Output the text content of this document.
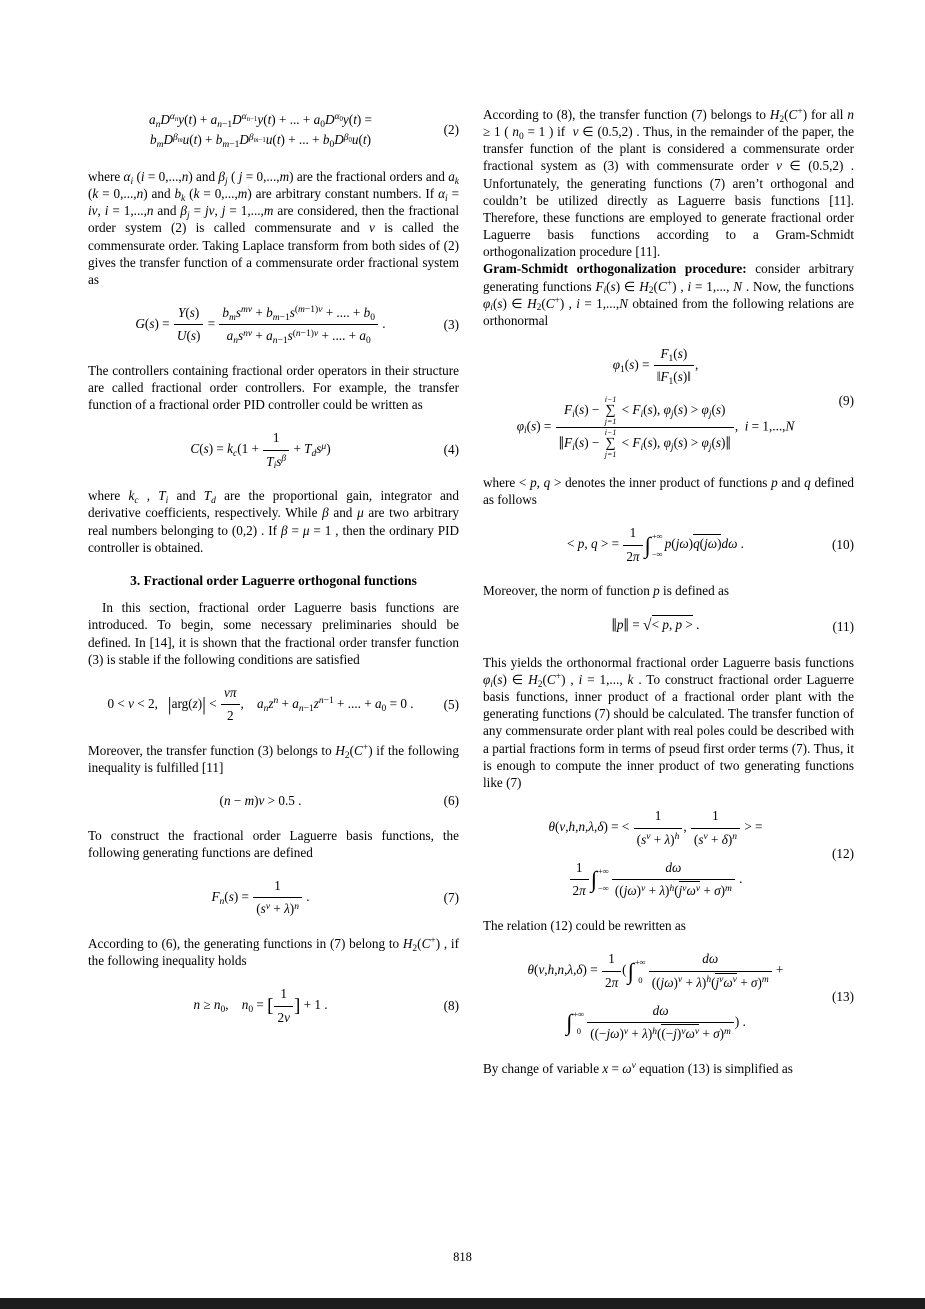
$a_nD^{\alpha_n}y(t) + a_{n-1}D^{\alpha_{n-1}}y(t)$ + ... + $a_0D^{\alpha_0}y(t)$ =
$b_mD^{\beta_m}u(t) + b_{m-1}D^{\beta_{m-1}}u(t)$ + ... + $b_0D^{\beta_0}u(t)$
(2)

where $\alpha_i$ (i = 0,...,n) and $\beta_j$ ( j = 0,...,m) are the fractional orders and $a_k$ (k = 0,...,n) and $b_k$ (k = 0,...,m) are arbitrary constant numbers. If $\alpha_i$ = iv, i = 1,...,n and $\beta_j$ = jv, j = 1,...,m are considered, then the fractional order system (2) is called commensurate and v is called the commensurate order. Taking Laplace transform from both sides of (2) gives the transfer function of a commensurate order fractional system as

$G(s) = \frac{Y(s)}{U(s)} = \frac{b_ms^{mv} + b_{m-1}s^{(m-1)v} + .... + b_0}{a_ns^{nv} + a_{n-1}s^{(n-1)v} + .... + a_0}$ .	(3)

The controllers containing fractional order operators in their structure are called fractional order controllers. For example, the transfer function of a fractional order PID controller could be written as

$C(s) = k_c(1 + \frac{1}{T_is^\beta} + T_ds^\mu)$	(4)

where $k_c$ , $T_i$ and $T_d$ are the proportional gain, integrator and derivative coefficients, respectively. While β and μ are two arbitrary real numbers belonging to (0,2) . If β = μ = 1 , then the ordinary PID controller is obtained.

3. Fractional order Laguerre orthogonal functions

In this section, fractional order Laguerre basis functions are introduced. To begin, some necessary preliminaries should be defined. In [14], it is shown that the fractional order transfer function (3) is stable if the following conditions are satisfied

0 < v < 2,   $|arg(z)| < \frac{v\pi}{2}$ ,    $a_nz^n + a_{n-1}z^{n-1}$ + .... + $a_0 = 0$ . (5)

Moreover, the transfer function (3) belongs to $H_2(C^+)$ if the following inequality is fulfilled [11]

(n − m)v > 0.5 .	(6)

To construct the fractional order Laguerre basis functions, the following generating functions are defined

$F_n(s) = \frac{1}{(s^v + \lambda)^n}$ .	(7)

According to (6), the generating functions in (7) belong to $H_2(C^+)$ , if the following inequality holds

$n \ge n_0$,    $n_0$ = [ $\frac{1}{2v}$ ] + 1 .	(8)

According to (8), the transfer function (7) belongs to $H_2(C^+)$ for all n ≥ 1 ( $n_0 = 1$ ) if  v ∈ (0.5,2) . Thus, in the remainder of the paper, the transfer function of the plant is considered a commensurate order fractional system as (3) with commensurate order v ∈ (0.5,2) . Unfortunately, the generating functions (7) aren’t orthogonal and couldn’t be utilized directly as Laguerre basis functions [11]. Therefore, these functions are employed to generate fractional order Laguerre basis functions according to a Gram-Schmidt orthogonalization procedure [11].

Gram-Schmidt orthogonalization procedure: consider arbitrary generating functions $F_i(s)$ ∈ $H_2(C^+)$ , i = 1,..., N . Now, the functions $\varphi_i(s)$ ∈ $H_2(C^+)$ , i = 1,...,N obtained from the following relations are orthonormal

$\varphi_1(s) = \frac{F_1(s)}{‖F_1(s)‖}$ ,
$\varphi_i(s) = F_i(s)$ −
i−1
∑
j=1
< $F_i(s)$, $\varphi_j(s) > \varphi_j(s)$
$‖F_i(s)$ −
i−1
∑
j=1
< $F_i(s)$, $\varphi_j(s)$ > $\varphi_j(s)‖$ ,  i = 1,...,N
(9)

where < p, q > denotes the inner product of functions p and q defined as follows

< p, q > = $\frac{1}{2\pi}$ ∫ +∞
−∞
p(jω)q(jω)dω .	(10)

Moreover, the norm of function p is defined as

‖p‖ = √< p, p > .	(11)

This yields the orthonormal fractional order Laguerre basis functions $\varphi_i(s)$ ∈ $H_2(C^+)$ , i = 1,..., k . To construct fractional order Laguerre basis functions, inner product of a fractional order plant with the generating functions (7) should be calculated. The transfer function of any commensurate order plant with real poles could be described with a partial fractions form in terms of pseud first order terms (7). Thus, it is enough to compute the inner product of two generating functions like (7)

θ(v,h,n,λ,δ) = < $\frac{1}{(s^v + \lambda)^h}$ , $\frac{1}{(s^v + \delta)^n}$ > =
$\frac{1}{2\pi}$ ∫ +∞
−∞ $\frac{d\omega}{((j\omega)^v + \lambda)^h(j^v\omega^v + \sigma)^m}$ .
(12)

The relation (12) could be rewritten as

$\theta(v,h,n,\lambda,\delta) = \frac{1}{2\pi}$ ( ∫ +∞
$0 \frac{d\omega}{((j\omega)^v + \lambda)^h(j^v\omega^v + \sigma)^m}$ +
∫ +∞
$0 \frac{d\omega}{((-j\omega)^v + \lambda)^h((-j)^v\omega^v + \sigma)^m}$ ) .
(13)

By change of variable $x = \omega^v$ equation (13) is simplified as

818
